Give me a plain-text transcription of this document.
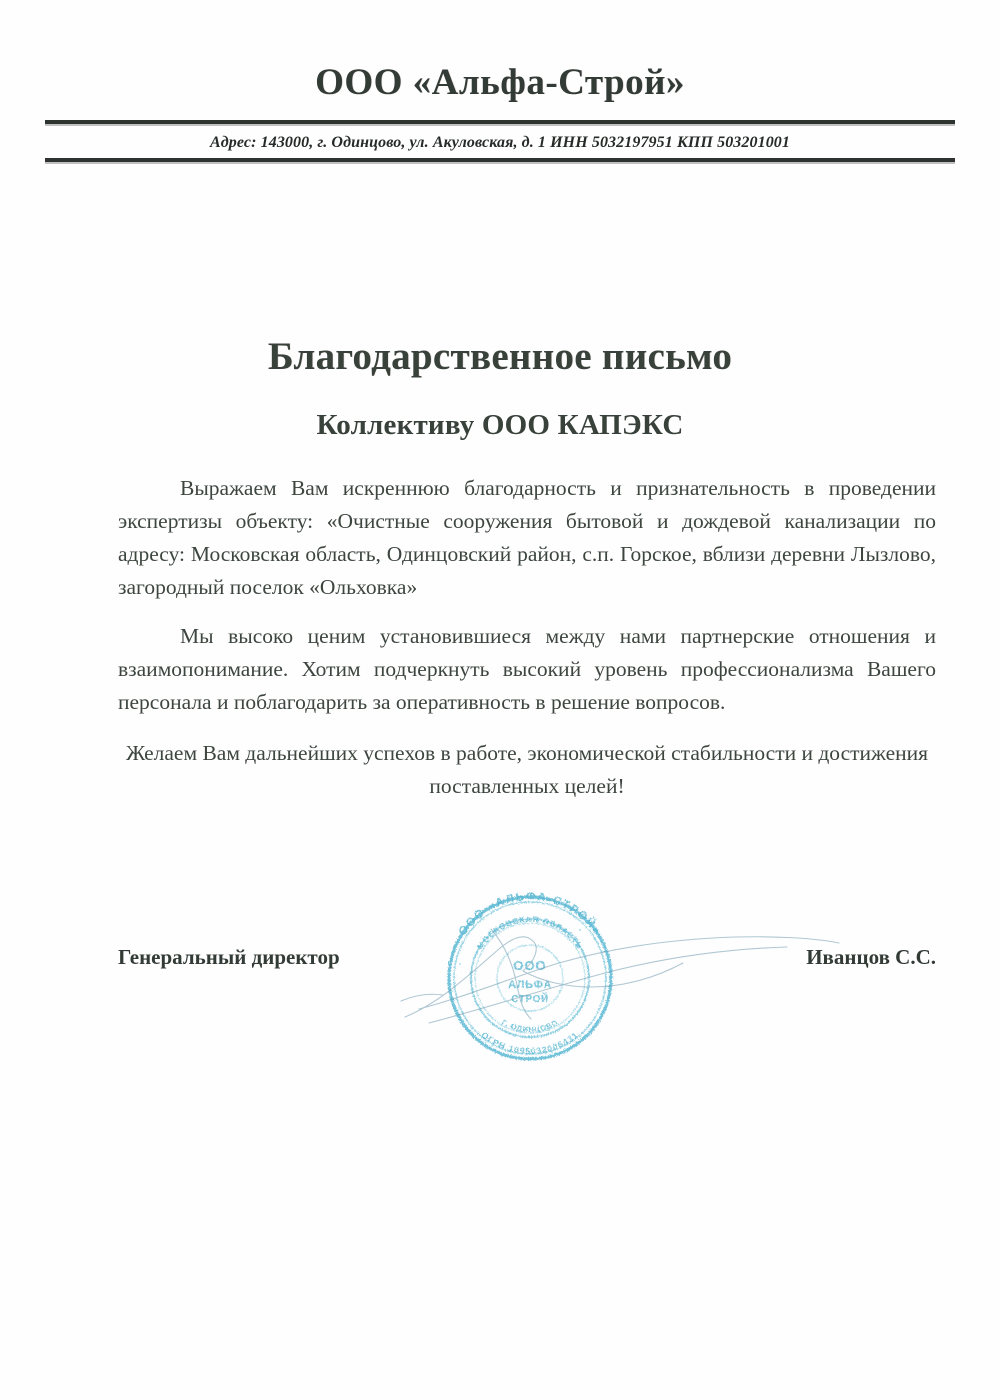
ООО «Альфа-Строй»
Адрес: 143000, г. Одинцово, ул. Акуловская, д. 1 ИНН 5032197951 КПП 503201001
Благодарственное письмо
Коллективу ООО КАПЭКС

Выражаем Вам искреннюю благодарность и признательность в проведении экспертизы объекту: «Очистные сооружения бытовой и дождевой канализации по адресу: Московская область, Одинцовский район, с.п. Горское, вблизи деревни Лызлово, загородный поселок «Ольховка»

Мы высоко ценим установившиеся между нами партнерские отношения и взаимопонимание. Хотим подчеркнуть высокий уровень профессионализма Вашего персонала и поблагодарить за оперативность в решение вопросов.

Желаем Вам дальнейших успехов в работе, экономической стабильности и достижения поставленных целей!

ООО «АЛЬФА-СТРОЙ»
ОГРН 1095032006431
МОСКОВСКАЯ ОБЛАСТЬ
Г. ОДИНЦОВО
ООО
АЛЬФА
СТРОЙ
Генеральный директор	Иванцов С.С.
